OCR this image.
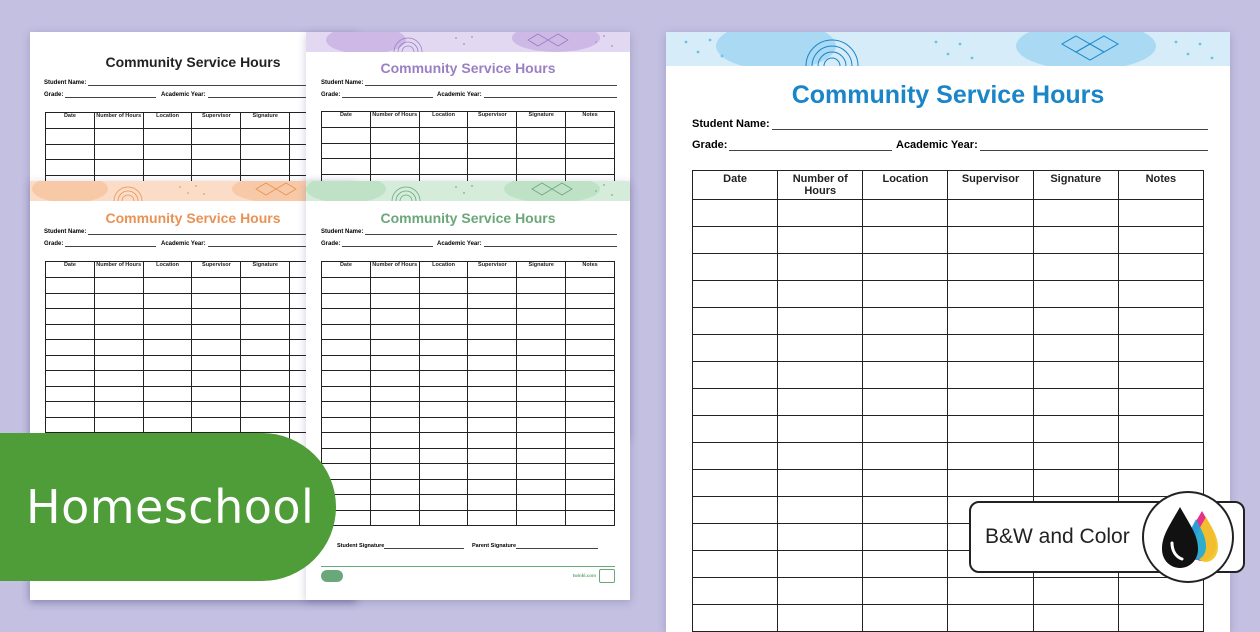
Community Service Hours
Student Name:
Grade:	Academic Year:
Date	Number of Hours	Location	Supervisor	Signature	

Community Service Hours
Student Name:
Grade:	Academic Year:
Date	Number of Hours	Location	Supervisor	Signature	Notes

Community Service Hours
Student Name:
Grade:	Academic Year:
Date	Number of Hours	Location	Supervisor	Signature	

Community Service Hours
Student Name:
Grade:	Academic Year:
Date	Number of Hours	Location	Supervisor	Signature	Notes

Student Signature	Parent Signature
twinkl.com
Community Service Hours
Student Name:
Grade:	Academic Year:
Date	Number of Hours	Location	Supervisor	Signature	Notes

Homeschool
B&W and Color
